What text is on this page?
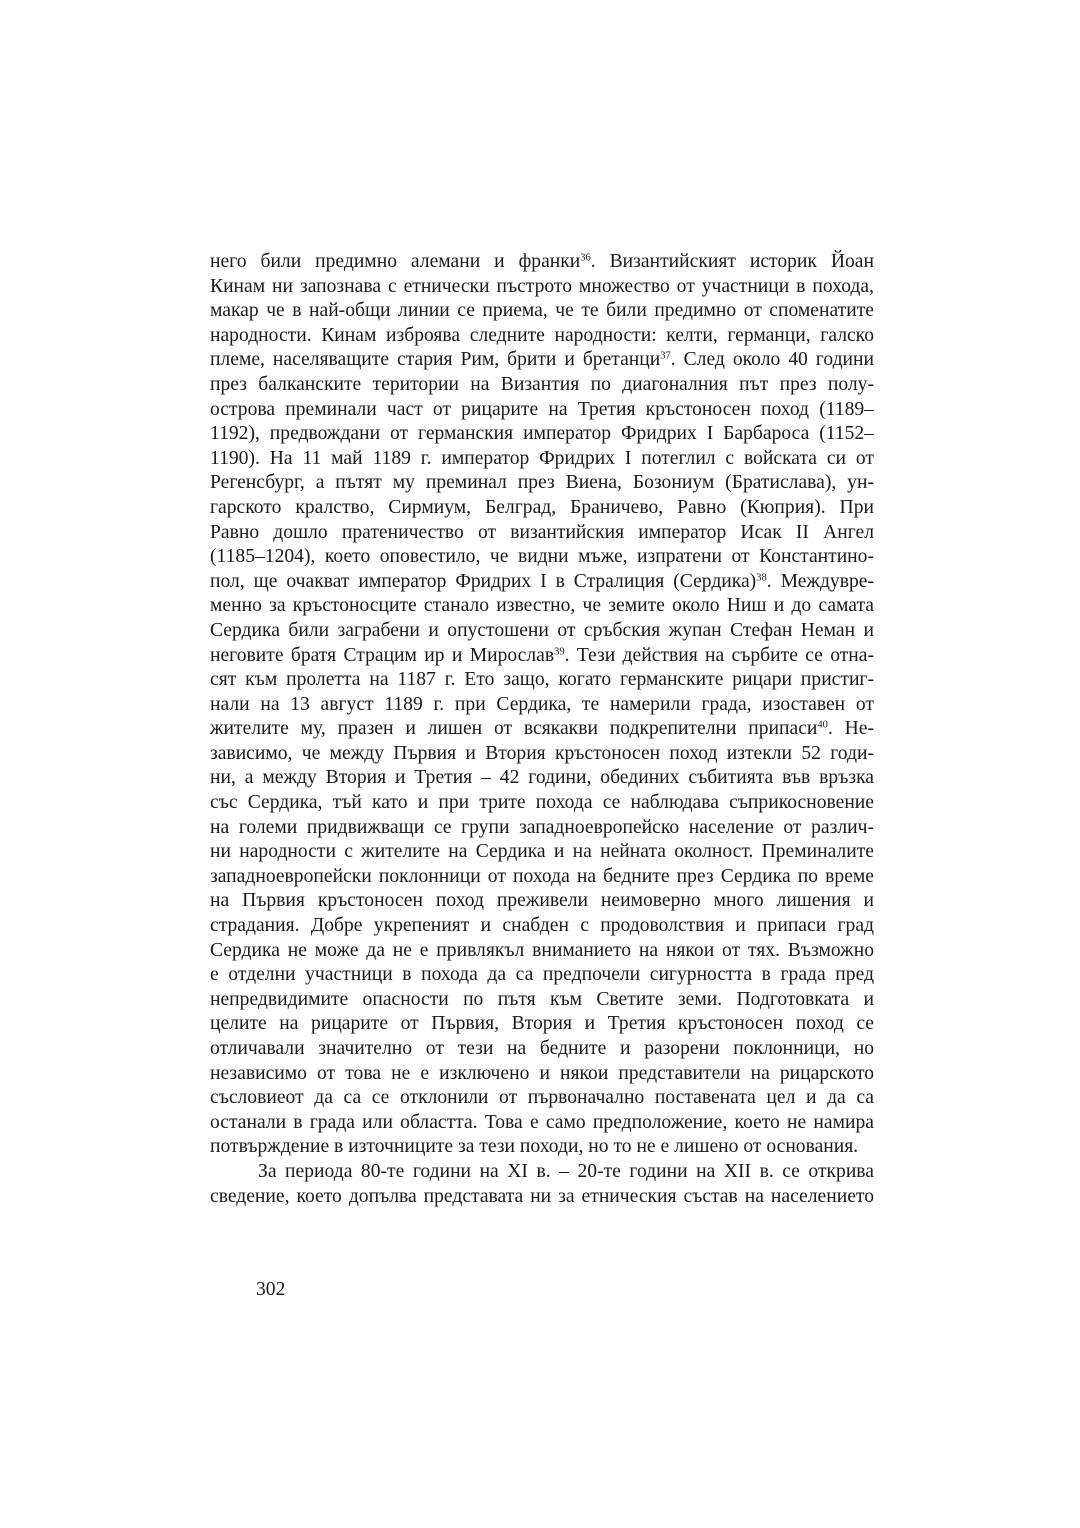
него били предимно алемани и франки$^{36}$. Византийският историк Йоан
Кинам ни запознава с етнически пъстрото множество от участници в похода,
макар че в най-общи линии се приема, че те били предимно от споменатите
народности. Кинам изброява следните народности: келти, германци, галско
племе, населяващите стария Рим, брити и бретанци$^{37}$. След около 40 години
през балканските територии на Византия по диагоналния път през полу-
острова преминали част от рицарите на Третия кръстоносен поход (1189–
1192), предвождани от германския император Фридрих I Барбароса (1152–
1190). На 11 май 1189 г. император Фридрих I потеглил с войската си от
Регенсбург, а пътят му преминал през Виена, Бозониум (Братислава), ун-
гарското кралство, Сирмиум, Белград, Браничево, Равно (Кюприя). При
Равно дошло пратеничество от византийския император Исак II Ангел
(1185–1204), което оповестило, че видни мъже, изпратени от Константино-
пол, ще очакват император Фридрих I в Стралиция (Сердика)$^{38}$. Междувре-
менно за кръстоносците станало известно, че земите около Ниш и до самата
Сердика били заграбени и опустошени от сръбския жупан Стефан Неман и
неговите братя Страцим ир и Мирослав$^{39}$. Тези действия на сърбите се отна-
сят към пролетта на 1187 г. Ето защо, когато германските рицари пристиг-
нали на 13 август 1189 г. при Сердика, те намерили града, изоставен от
жителите му, празен и лишен от всякакви подкрепителни припаси$^{40}$. Не-
зависимо, че между Първия и Втория кръстоносен поход изтекли 52 годи-
ни, а между Втория и Третия – 42 години, обединих събитията във връзка
със Сердика, тъй като и при трите похода се наблюдава съприкосновение
на големи придвижващи се групи западноевропейско население от различ-
ни народности с жителите на Сердика и на нейната околност. Преминалите
западноевропейски поклонници от похода на бедните през Сердика по време
на Първия кръстоносен поход преживели неимоверно много лишения и
страдания. Добре укрепеният и снабден с продоволствия и припаси град
Сердика не може да не е привлякъл вниманието на някои от тях. Възможно
е отделни участници в похода да са предпочели сигурността в града пред
непредвидимите опасности по пътя към Светите земи. Подготовката и
целите на рицарите от Първия, Втория и Третия кръстоносен поход се
отличавали значително от тези на бедните и разорени поклонници, но
независимо от това не е изключено и някои представители на рицарското
съсловиеот да са се отклонили от първоначално поставената цел и да са
останали в града или областта. Това е само предположение, което не намира
потвърждение в източниците за тези походи, но то не е лишено от основания.
За периода 80-те години на XI в. – 20-те години на XII в. се открива
сведение, което допълва представата ни за етническия състав на населението
302
